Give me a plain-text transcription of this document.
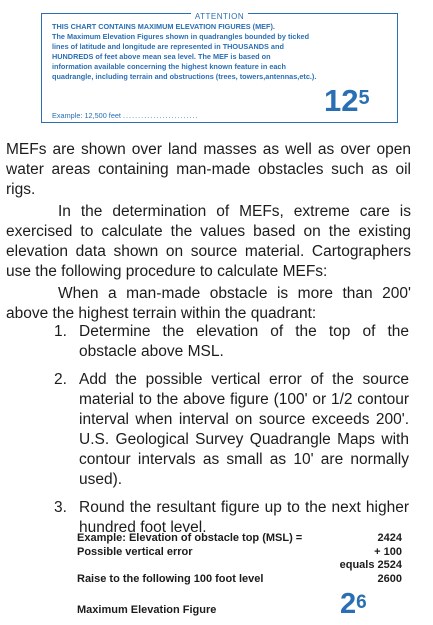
ATTENTION

THIS CHART CONTAINS MAXIMUM ELEVATION FIGURES (MEF).
The Maximum Elevation Figures shown in quadrangles bounded by ticked
lines of latitude and longitude are represented in THOUSANDS and
HUNDREDS of feet above mean sea level. The MEF is based on
information available concerning the highest known feature in each
quadrangle, including terrain and obstructions (trees, towers,antennas,etc.).

Example: 12,500 feet .........................	$12^5$

MEFs are shown over land masses as well as over open water areas containing man-made obstacles such as oil rigs.

In the determination of MEFs, extreme care is exercised to calculate the values based on the existing elevation data shown on source material. Cartographers use the following procedure to calculate MEFs:

When a man-made obstacle is more than 200' above the highest terrain within the quadrant:

1. Determine the elevation of the top of the obstacle above MSL.
2. Add the possible vertical error of the source material to the above figure (100' or 1/2 contour interval when interval on source exceeds 200'. U.S. Geological Survey Quadrangle Maps with contour intervals as small as 10' are normally used).
3. Round the resultant figure up to the next higher hundred foot level.
Example: Elevation of obstacle top (MSL) =	2424
Possible vertical error	+ 100
equals 2524
Raise to the following 100 foot level	2600
Maximum Elevation Figure	$2^6$
